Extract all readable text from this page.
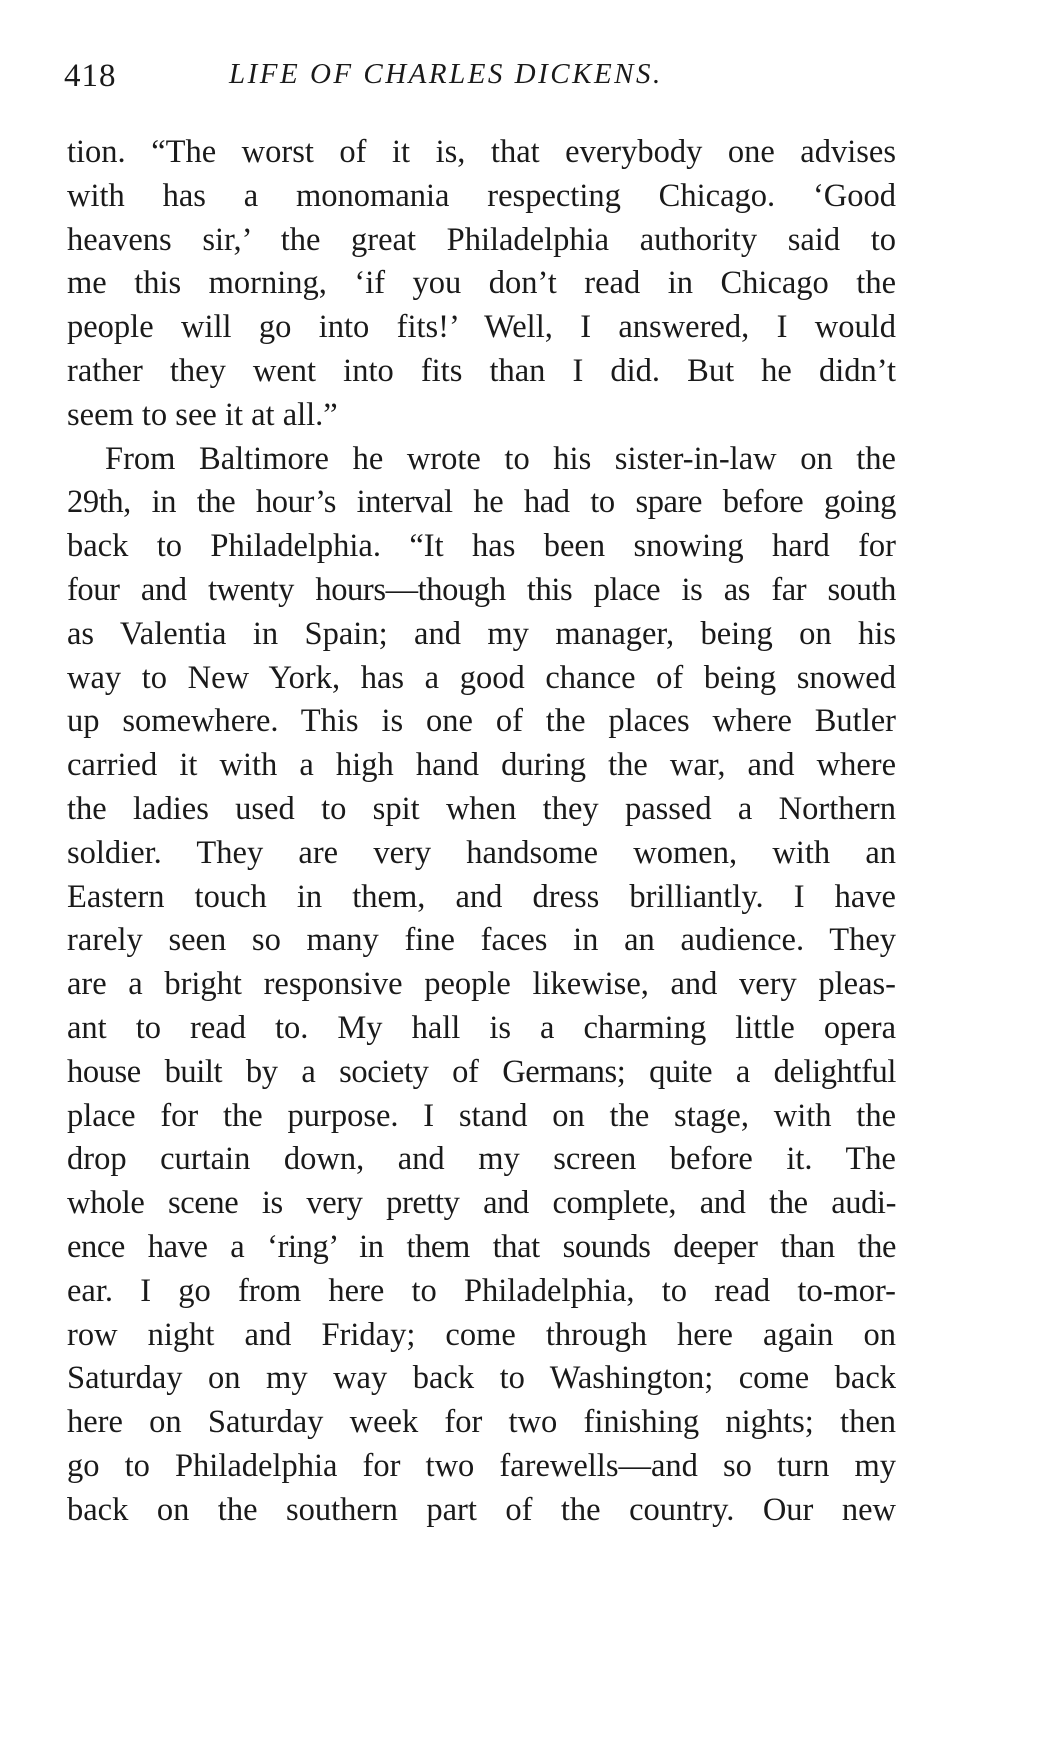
418	LIFE OF CHARLES DICKENS.
tion. “The worst of it is, that everybody one advises
with has a monomania respecting Chicago. ‘Good
heavens sir,’ the great Philadelphia authority said to
me this morning, ‘if you don’t read in Chicago the
people will go into fits!’ Well, I answered, I would
rather they went into fits than I did. But he didn’t
seem to see it at all.”
From Baltimore he wrote to his sister-in-law on the
29th, in the hour’s interval he had to spare before going
back to Philadelphia. “It has been snowing hard for
four and twenty hours—though this place is as far south
as Valentia in Spain; and my manager, being on his
way to New York, has a good chance of being snowed
up somewhere. This is one of the places where Butler
carried it with a high hand during the war, and where
the ladies used to spit when they passed a Northern
soldier. They are very handsome women, with an
Eastern touch in them, and dress brilliantly. I have
rarely seen so many fine faces in an audience. They
are a bright responsive people likewise, and very pleas-
ant to read to. My hall is a charming little opera
house built by a society of Germans; quite a delightful
place for the purpose. I stand on the stage, with the
drop curtain down, and my screen before it. The
whole scene is very pretty and complete, and the audi-
ence have a ‘ring’ in them that sounds deeper than the
ear. I go from here to Philadelphia, to read to-mor-
row night and Friday; come through here again on
Saturday on my way back to Washington; come back
here on Saturday week for two finishing nights; then
go to Philadelphia for two farewells—and so turn my
back on the southern part of the country. Our new
